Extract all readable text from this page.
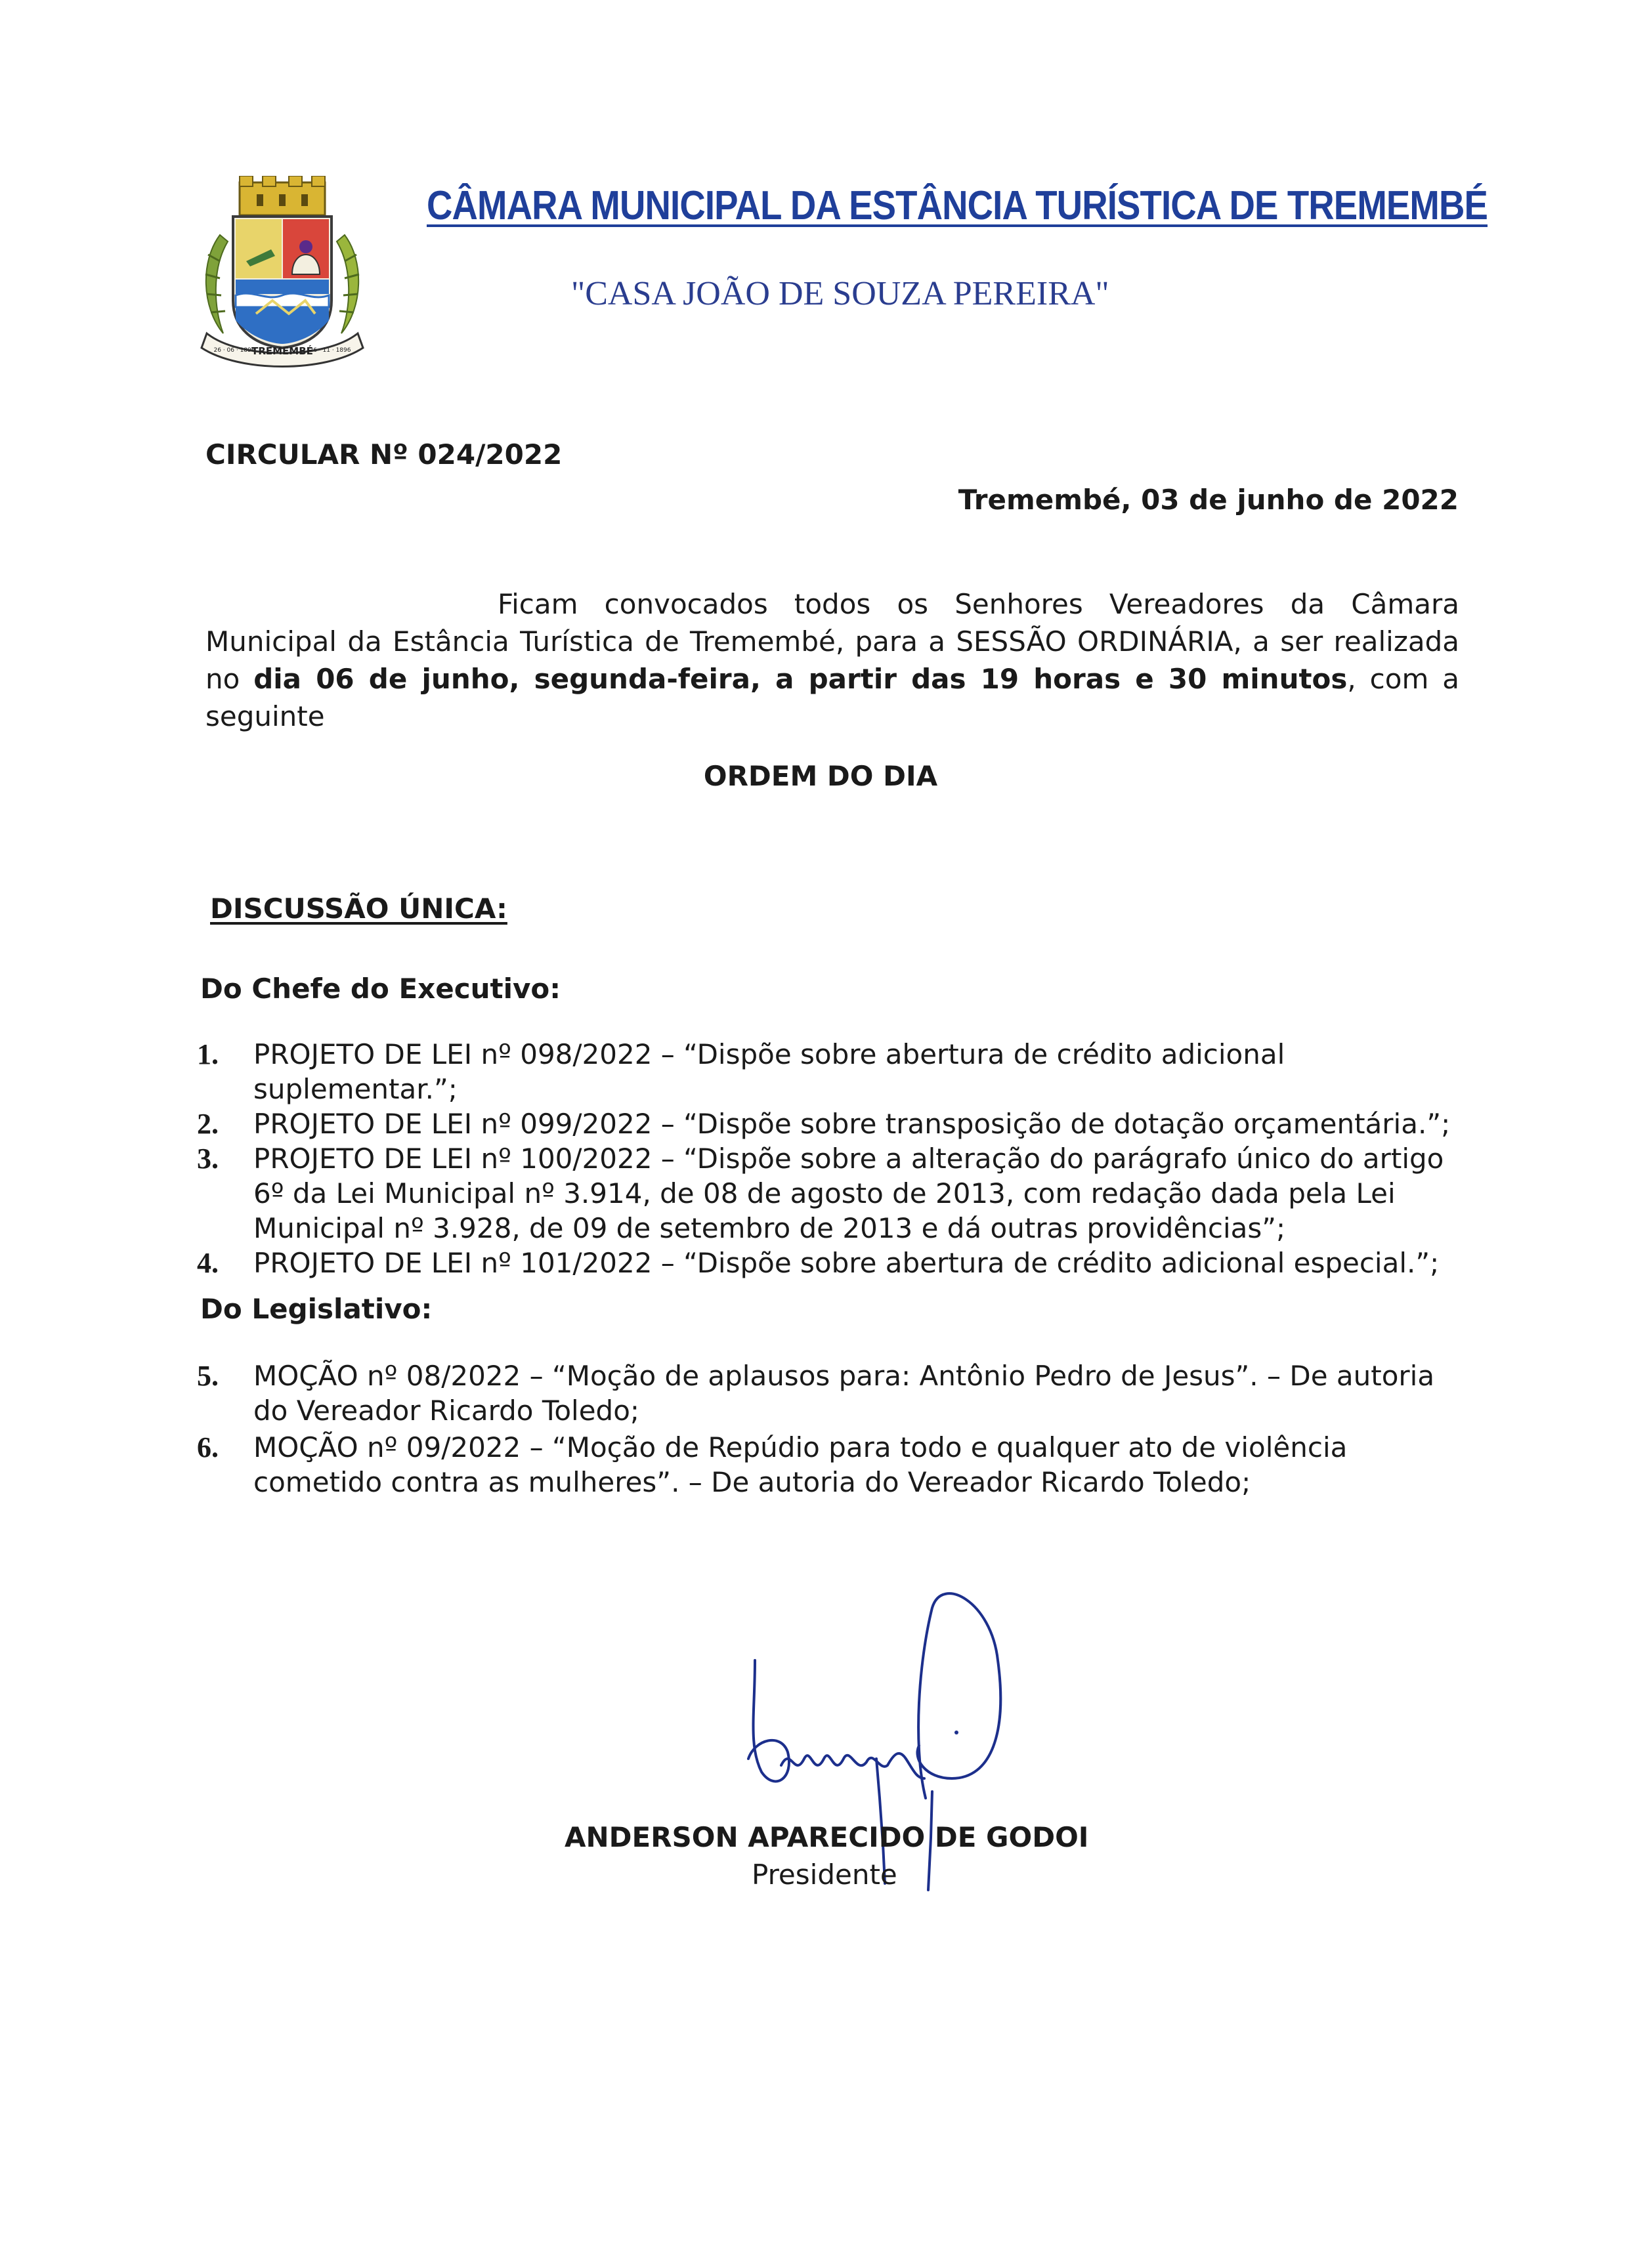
TREMEMBÉ
26 · 06 · 1896	26 · 11 · 1896
CÂMARA MUNICIPAL DA ESTÂNCIA TURÍSTICA DE TREMEMBÉ
"CASA JOÃO DE SOUZA PEREIRA"
CIRCULAR Nº 024/2022
Tremembé, 03 de junho de 2022
Ficam convocados todos os Senhores Vereadores da Câmara Municipal da Estância Turística de Tremembé, para a SESSÃO ORDINÁRIA, a ser realizada no dia 06 de junho, segunda-feira, a partir das 19 horas e 30 minutos, com a seguinte
ORDEM DO DIA
DISCUSSÃO ÚNICA:
Do Chefe do Executivo:
1.	PROJETO DE LEI nº 098/2022 – “Dispõe sobre abertura de crédito adicional suplementar.”;
2.	PROJETO DE LEI nº 099/2022 – “Dispõe sobre transposição de dotação orçamentária.”;
3.	PROJETO DE LEI nº 100/2022 – “Dispõe sobre a alteração do parágrafo único do artigo 6º da Lei Municipal nº 3.914, de 08 de agosto de 2013, com redação dada pela Lei Municipal nº 3.928, de 09 de setembro de 2013 e dá outras providências”;
4.	PROJETO DE LEI nº 101/2022 – “Dispõe sobre abertura de crédito adicional especial.”;
Do Legislativo:
5.	MOÇÃO nº 08/2022 – “Moção de aplausos para: Antônio Pedro de Jesus”. – De autoria do Vereador Ricardo Toledo;
6.	MOÇÃO nº 09/2022 – “Moção de Repúdio para todo e qualquer ato de violência cometido contra as mulheres”. – De autoria do Vereador Ricardo Toledo;
ANDERSON APARECIDO DE GODOI
Presidente
